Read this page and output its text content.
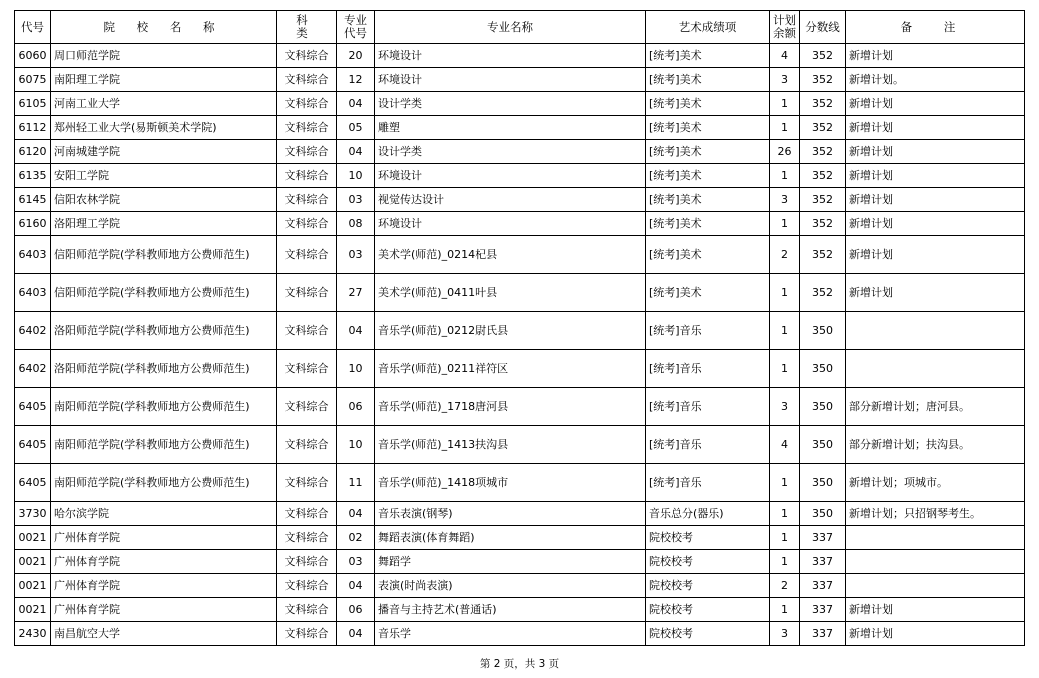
代号	院 校 名 称	科 类	专业代号	专业名称	艺术成绩项	计划余额	分数线	备 注
6060	周口师范学院	文科综合	20	环境设计	[统考]美术	4	352	新增计划
6075	南阳理工学院	文科综合	12	环境设计	[统考]美术	3	352	新增计划。
6105	河南工业大学	文科综合	04	设计学类	[统考]美术	1	352	新增计划
6112	郑州轻工业大学(易斯顿美术学院)	文科综合	05	雕塑	[统考]美术	1	352	新增计划
6120	河南城建学院	文科综合	04	设计学类	[统考]美术	26	352	新增计划
6135	安阳工学院	文科综合	10	环境设计	[统考]美术	1	352	新增计划
6145	信阳农林学院	文科综合	03	视觉传达设计	[统考]美术	3	352	新增计划
6160	洛阳理工学院	文科综合	08	环境设计	[统考]美术	1	352	新增计划
6403	信阳师范学院(学科教师地方公费师范生)	文科综合	03	美术学(师范)_0214杞县	[统考]美术	2	352	新增计划
6403	信阳师范学院(学科教师地方公费师范生)	文科综合	27	美术学(师范)_0411叶县	[统考]美术	1	352	新增计划
6402	洛阳师范学院(学科教师地方公费师范生)	文科综合	04	音乐学(师范)_0212尉氏县	[统考]音乐	1	350	
6402	洛阳师范学院(学科教师地方公费师范生)	文科综合	10	音乐学(师范)_0211祥符区	[统考]音乐	1	350	
6405	南阳师范学院(学科教师地方公费师范生)	文科综合	06	音乐学(师范)_1718唐河县	[统考]音乐	3	350	部分新增计划；唐河县。
6405	南阳师范学院(学科教师地方公费师范生)	文科综合	10	音乐学(师范)_1413扶沟县	[统考]音乐	4	350	部分新增计划；扶沟县。
6405	南阳师范学院(学科教师地方公费师范生)	文科综合	11	音乐学(师范)_1418项城市	[统考]音乐	1	350	新增计划；项城市。
3730	哈尔滨学院	文科综合	04	音乐表演(钢琴)	音乐总分(器乐)	1	350	新增计划；只招钢琴考生。
0021	广州体育学院	文科综合	02	舞蹈表演(体育舞蹈)	院校校考	1	337	
0021	广州体育学院	文科综合	03	舞蹈学	院校校考	1	337	
0021	广州体育学院	文科综合	04	表演(时尚表演)	院校校考	2	337	
0021	广州体育学院	文科综合	06	播音与主持艺术(普通话)	院校校考	1	337	新增计划
2430	南昌航空大学	文科综合	04	音乐学	院校校考	3	337	新增计划
第 2 页，共 3 页
